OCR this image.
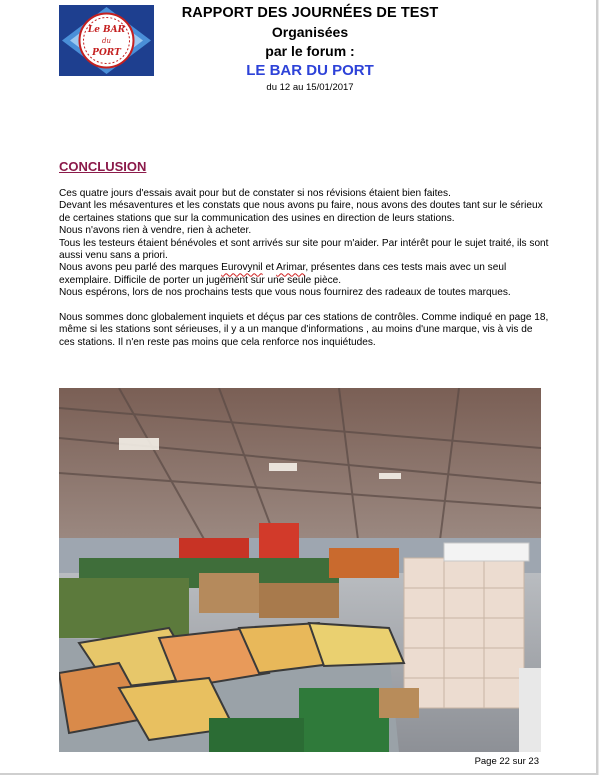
Le BAR
du
PORT
RAPPORT DES JOURNÉES DE TEST
Organisées
par le forum :
LE BAR DU PORT
du 12 au 15/01/2017
CONCLUSION

Ces quatre jours d'essais avait pour but de constater si nos révisions étaient bien faites.

Devant les mésaventures et les constats que nous avons pu faire, nous avons des doutes tant sur le sérieux de certaines stations que sur la communication des usines en direction de leurs stations.

Nous n'avons rien à vendre, rien à acheter.

Tous les testeurs étaient bénévoles et sont arrivés sur site pour m'aider. Par intérêt pour le sujet traité, ils sont aussi venu sans a priori.

Nous avons peu parlé des marques Eurovynil et Arimar, présentes dans ces tests mais avec un seul exemplaire. Difficile de porter un jugement sur une seule pièce.

Nous espérons, lors de nos prochains tests que vous nous fournirez des radeaux de toutes marques.

Nous sommes donc globalement inquiets et déçus par ces stations de contrôles. Comme indiqué en page 18, même si les stations sont sérieuses, il y a un manque d'informations , au moins d'une marque, vis à vis de ces stations. Il n'en reste pas moins que cela renforce nos inquiétudes.

Page 22 sur 23
